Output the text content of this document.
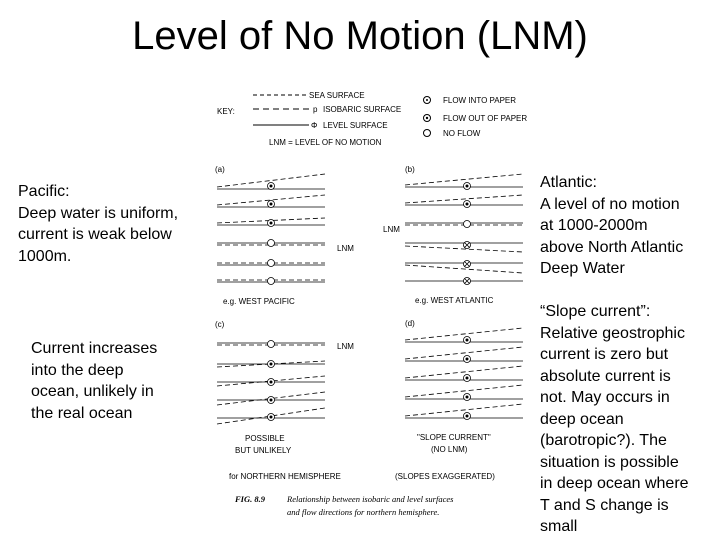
Level of No Motion (LNM)
Pacific:
Deep water is uniform,
current is weak below
1000m.
Current increases
into the deep
ocean, unlikely in
the real ocean
Atlantic:
A level of no motion
at 1000-2000m
above North Atlantic
Deep Water
“Slope current”:
Relative geostrophic
current is zero but
absolute current is
not. May occurs in
deep ocean
(barotropic?). The
situation is possible
in deep ocean where
T and S change is
small
SEA SURFACE
KEY:	p ISOBARIC SURFACE
Φ LEVEL SURFACE
LNM = LEVEL OF NO MOTION
FLOW INTO PAPER
FLOW OUT OF PAPER
NO FLOW
(a)	(b)
LNM
LNM
e.g. WEST PACIFIC	e.g. WEST ATLANTIC
(c)	(d)
LNM
POSSIBLE
BUT UNLIKELY
"SLOPE CURRENT"
(NO LNM)
for NORTHERN HEMISPHERE	(SLOPES EXAGGERATED)
FIG. 8.9	Relationship between isobaric and level surfaces
and flow directions for northern hemisphere.
